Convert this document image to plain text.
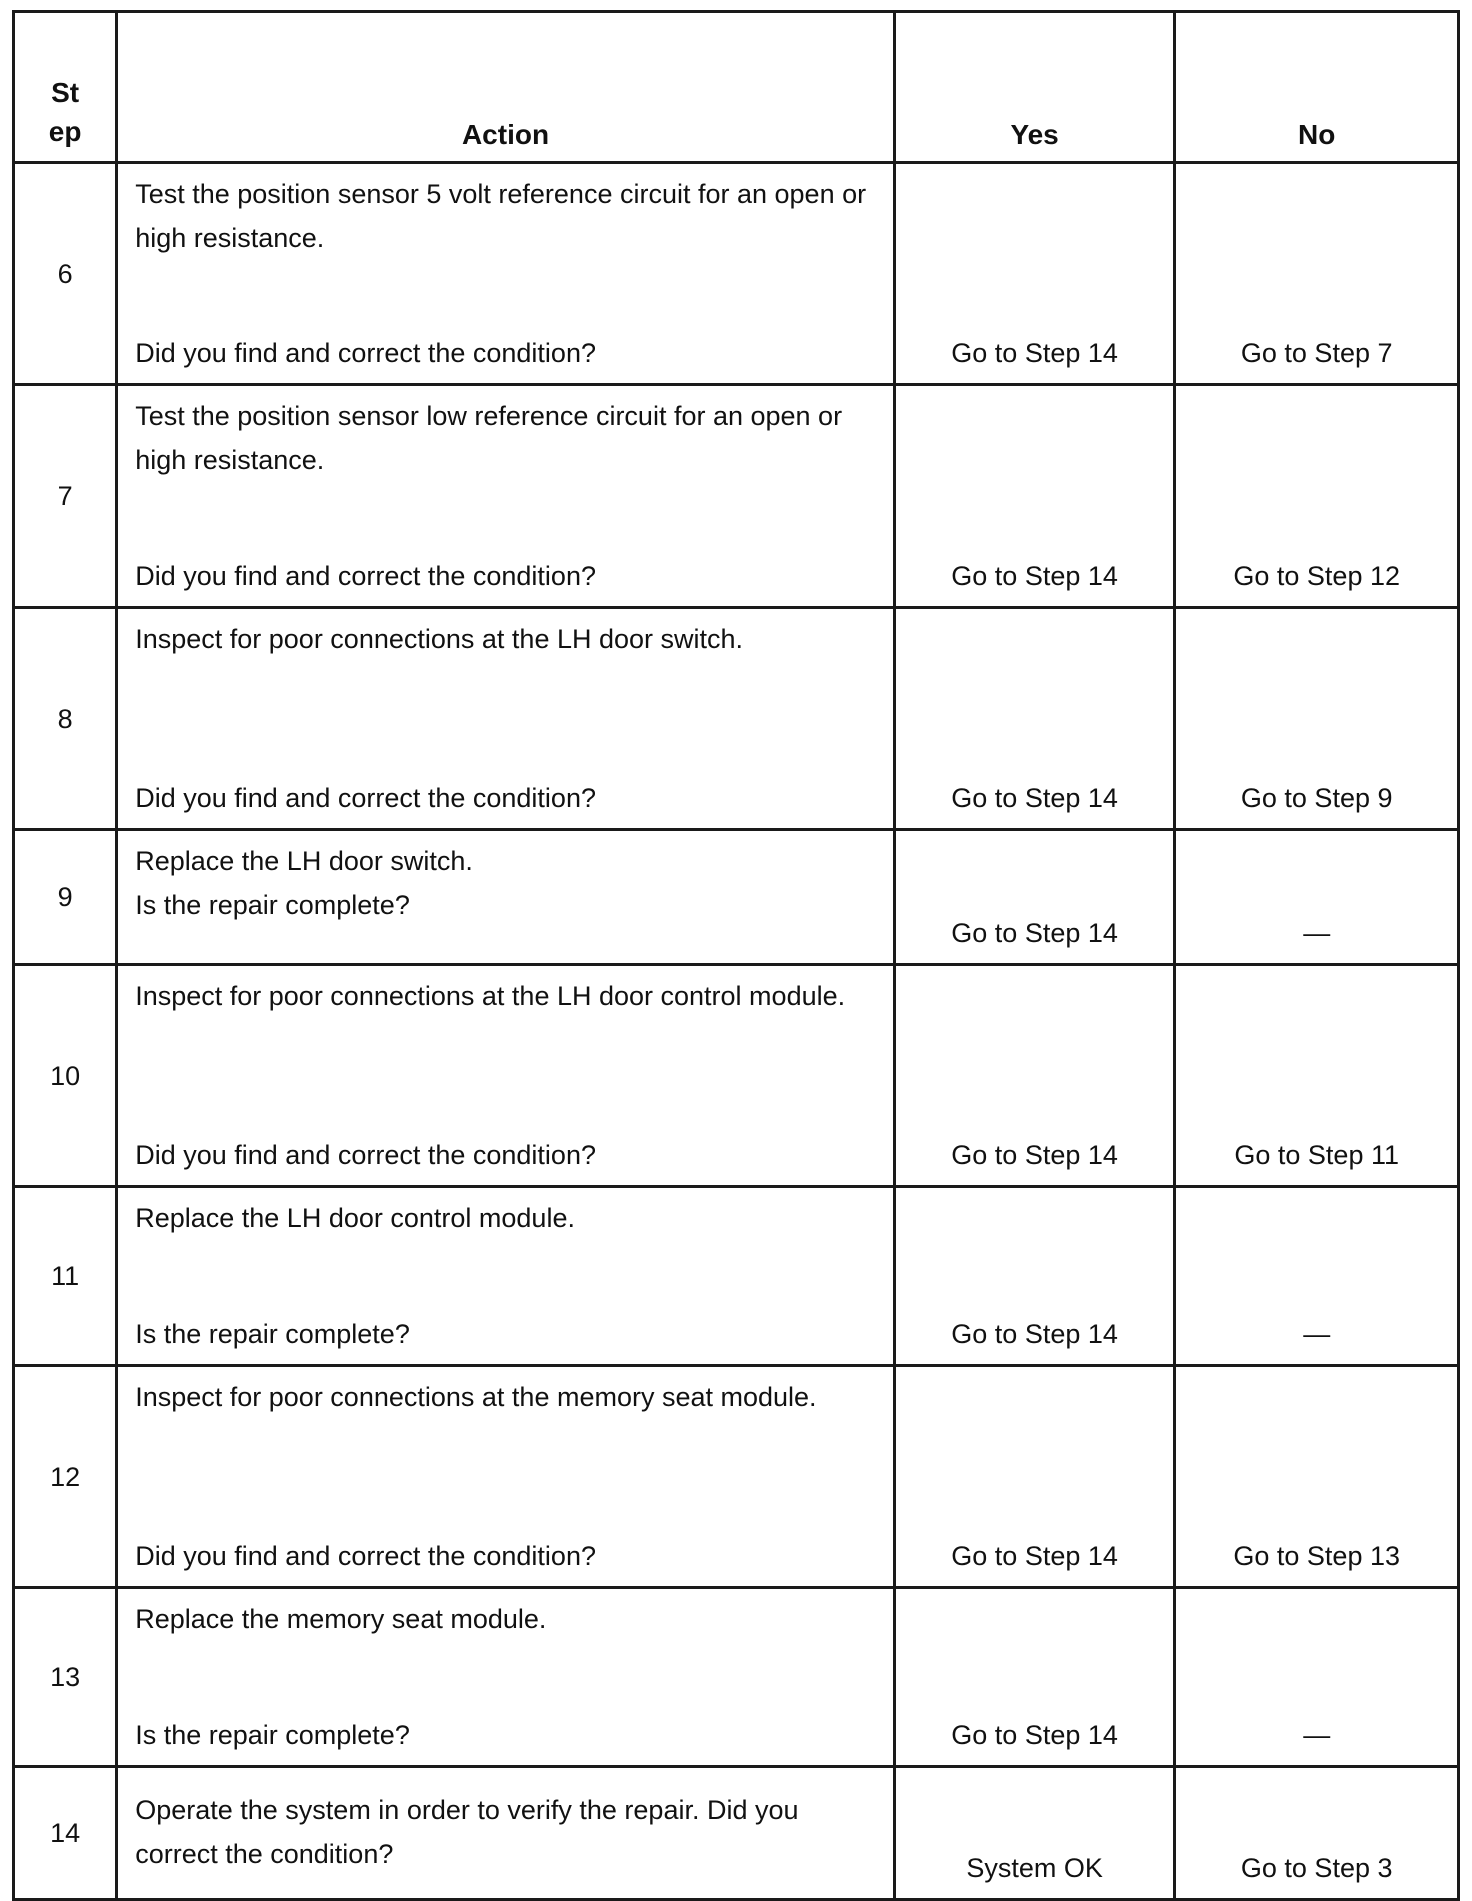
St
ep	Action	Yes	No
6	Test the position sensor 5 volt reference circuit for an open or high resistance.
Did you find and correct the condition?	Go to Step 14	Go to Step 7
7	Test the position sensor low reference circuit for an open or high resistance.
Did you find and correct the condition?	Go to Step 14	Go to Step 12
8	Inspect for poor connections at the LH door switch.
Did you find and correct the condition?	Go to Step 14	Go to Step 9
9	Replace the LH door switch.
Is the repair complete?	Go to Step 14	—
10	Inspect for poor connections at the LH door control module.
Did you find and correct the condition?	Go to Step 14	Go to Step 11
11	Replace the LH door control module.
Is the repair complete?	Go to Step 14	—
12	Inspect for poor connections at the memory seat module.
Did you find and correct the condition?	Go to Step 14	Go to Step 13
13	Replace the memory seat module.
Is the repair complete?	Go to Step 14	—
14	Operate the system in order to verify the repair. Did you correct the condition?	System OK	Go to Step 3
